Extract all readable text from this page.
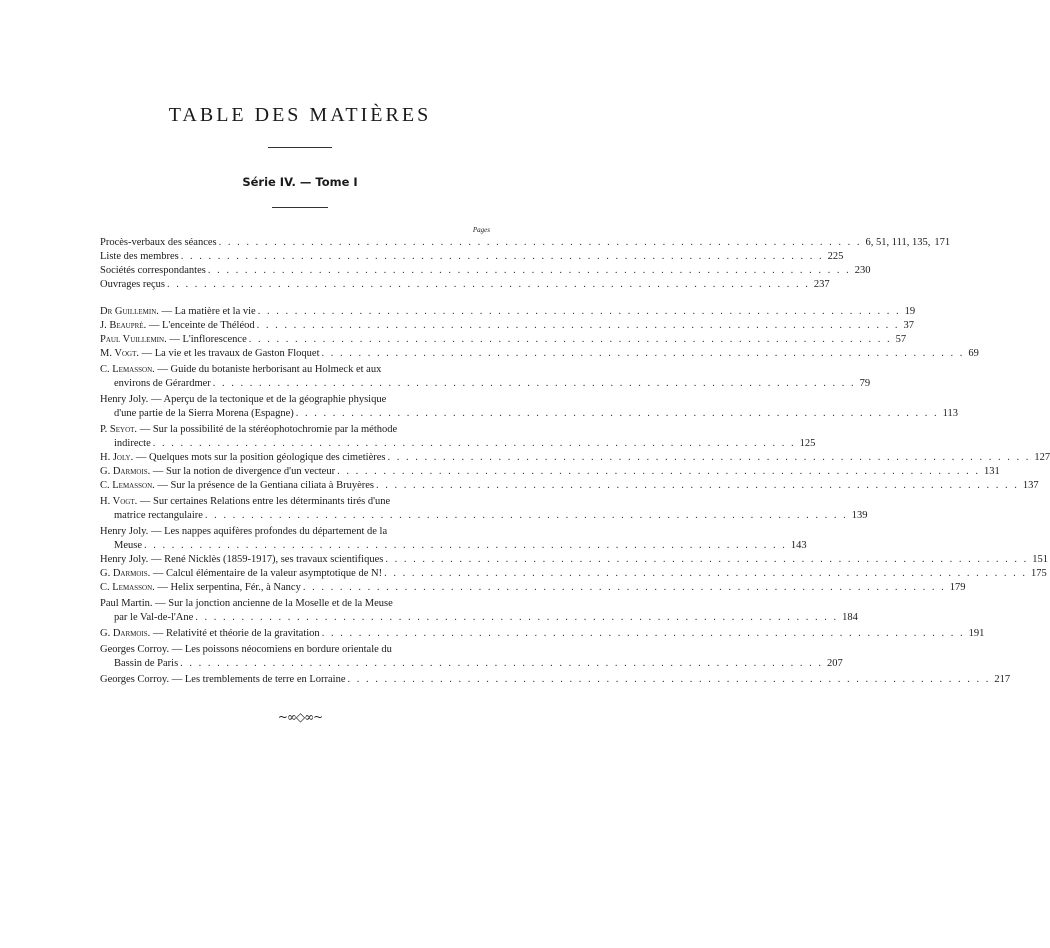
TABLE DES MATIÈRES
Série IV. — Tome I
Pages
Procès-verbaux des séances . . .	6, 51, 111, 135, 171
Liste des membres . . .	225
Sociétés correspondantes . . .	230
Ouvrages reçus . . .	237
Dr Guillemin. — La matière et la vie . . .	19
J. Beaupré. — L'enceinte de Théléod . . .	37
Paul Vuillemin. — L'inflorescence . . .	57
M. Vogt. — La vie et les travaux de Gaston Floquet . . .	69
C. Lemasson. — Guide du botaniste herborisant au Holmeck et aux
environs de Gérardmer . . .	79
Henry Joly. — Aperçu de la tectonique et de la géographie physique
d'une partie de la Sierra Morena (Espagne) . . .	113
P. Seyot. — Sur la possibilité de la stéréophotochromie par la méthode
indirecte . . .	125
H. Joly. — Quelques mots sur la position géologique des cimetières . . .	127
G. Darmois. — Sur la notion de divergence d'un vecteur . . .	131
C. Lemasson. — Sur la présence de la Gentiana ciliata à Bruyères . . .	137
H. Vogt. — Sur certaines Relations entre les déterminants tirés d'une
matrice rectangulaire . . .	139
Henry Joly. — Les nappes aquifères profondes du département de la
Meuse . . .	143
Henry Joly. — René Nicklès (1859-1917), ses travaux scientifiques . . .	151
G. Darmois. — Calcul élémentaire de la valeur asymptotique de N! . . .	175
C. Lemasson. — Helix serpentina, Fér., à Nancy . . .	179
Paul Martin. — Sur la jonction ancienne de la Moselle et de la Meuse
par le Val-de-l'Ane . . .	184
G. Darmois. — Relativité et théorie de la gravitation . . .	191
Georges Corroy. — Les poissons néocomiens en bordure orientale du
Bassin de Paris . . .	207
Georges Corroy. — Les tremblements de terre en Lorraine . . .	217
~∞◇∞~
